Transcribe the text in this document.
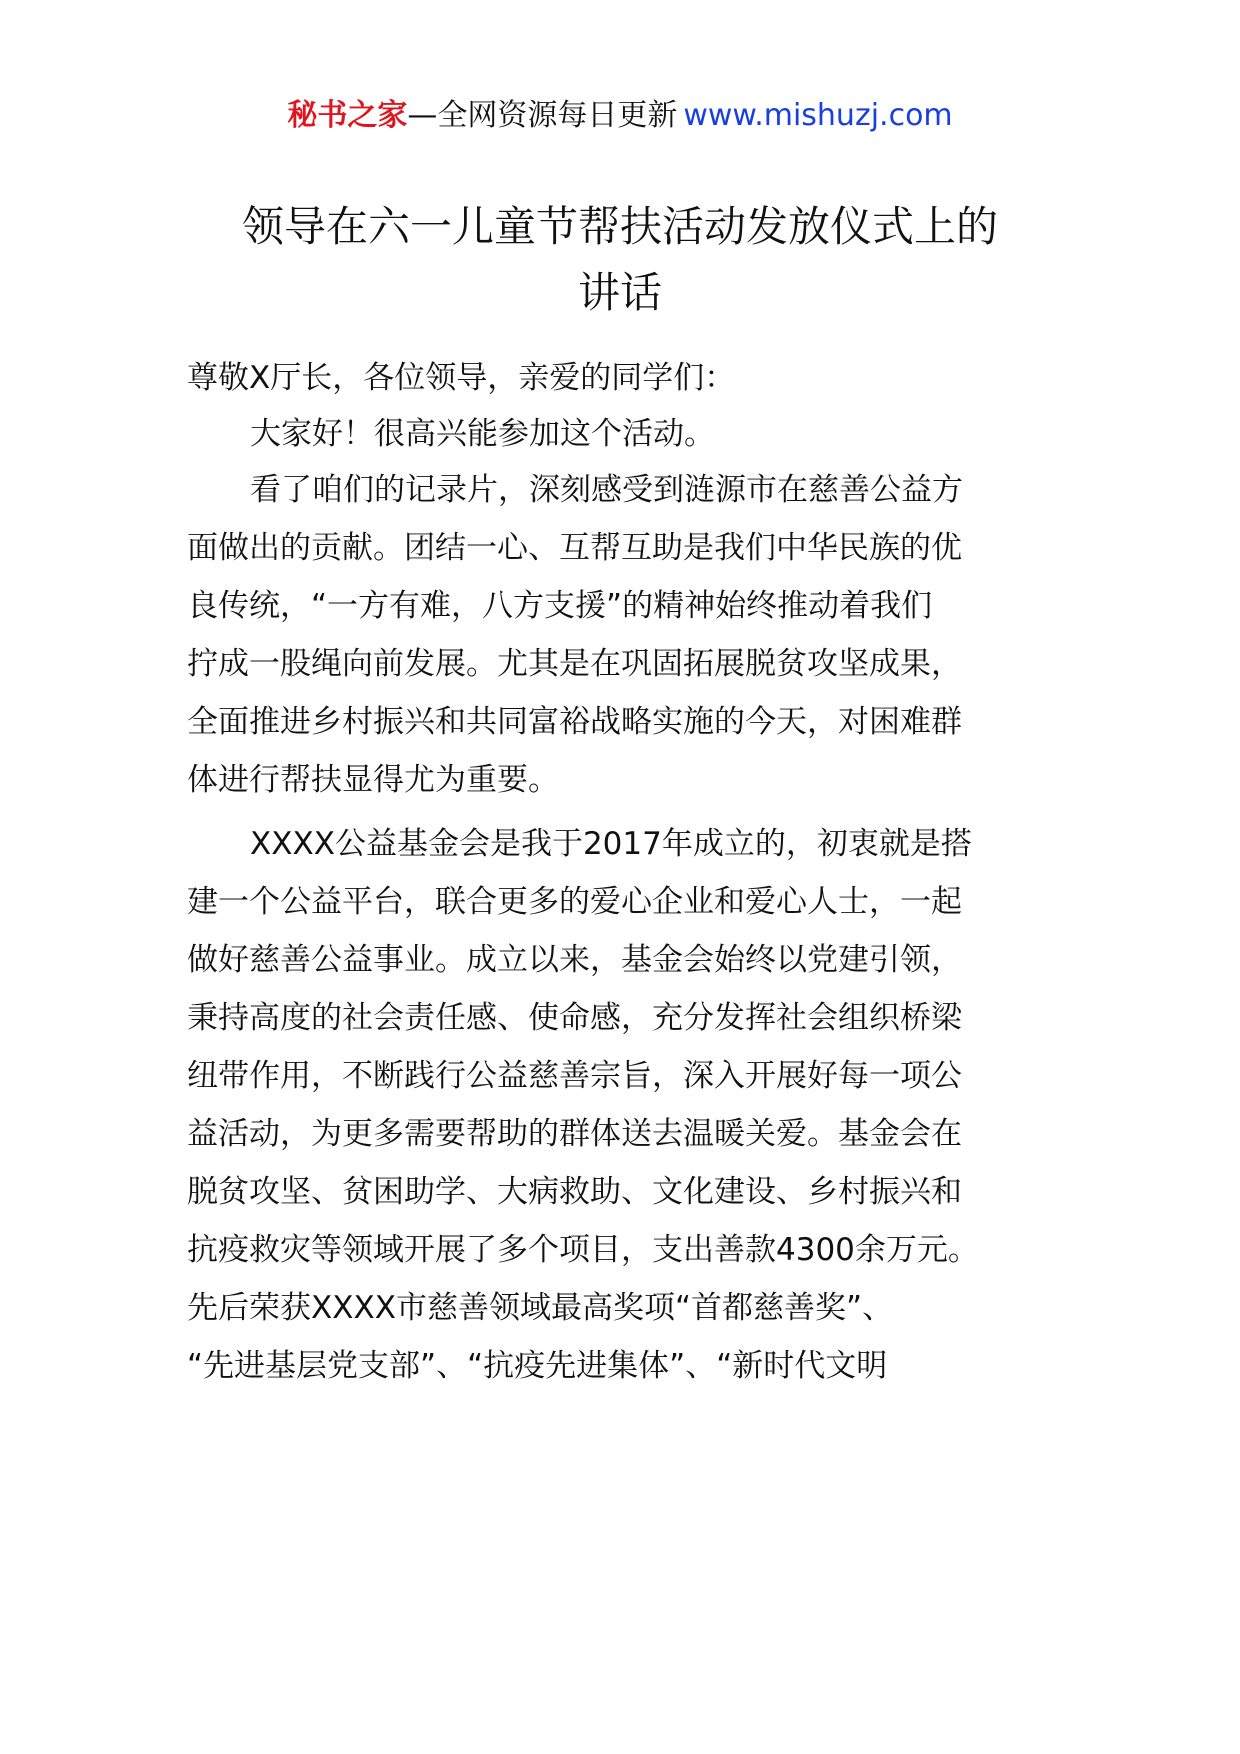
秘书之家—全网资源每日更新 www.mishuzj.com
领导在六一儿童节帮扶活动发放仪式上的
讲话
尊敬X厅长，各位领导，亲爱的同学们：
大家好！很高兴能参加这个活动。
看了咱们的记录片，深刻感受到涟源市在慈善公益方
面做出的贡献。团结一心、互帮互助是我们中华民族的优
良传统，“一方有难，八方支援”的精神始终推动着我们
拧成一股绳向前发展。尤其是在巩固拓展脱贫攻坚成果，
全面推进乡村振兴和共同富裕战略实施的今天，对困难群
体进行帮扶显得尤为重要。
XXXX公益基金会是我于2017年成立的，初衷就是搭
建一个公益平台，联合更多的爱心企业和爱心人士，一起
做好慈善公益事业。成立以来，基金会始终以党建引领，
秉持高度的社会责任感、使命感，充分发挥社会组织桥梁
纽带作用，不断践行公益慈善宗旨，深入开展好每一项公
益活动，为更多需要帮助的群体送去温暖关爱。基金会在
脱贫攻坚、贫困助学、大病救助、文化建设、乡村振兴和
抗疫救灾等领域开展了多个项目，支出善款4300余万元。
先后荣获XXXX市慈善领域最高奖项“首都慈善奖”、
“先进基层党支部”、“抗疫先进集体”、“新时代文明
